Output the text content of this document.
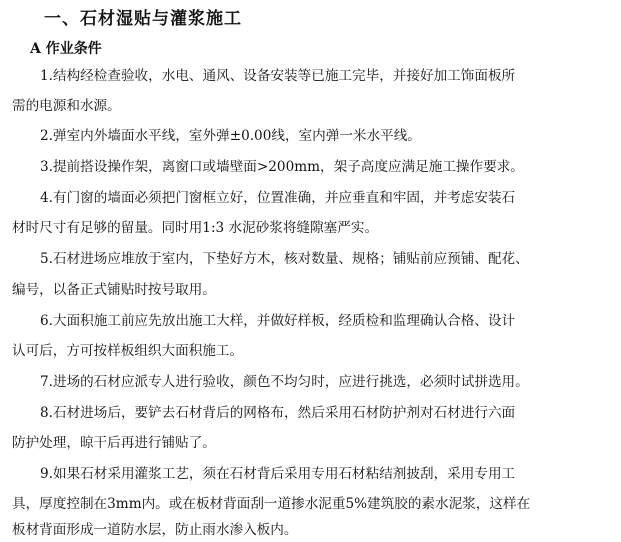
一、石材湿贴与灌浆施工
A 作业条件
1.结构经检查验收，水电、通风、设备安装等已施工完毕，并接好加工饰面板所
需的电源和水源。
2.弹室内外墙面水平线，室外弹±0.00线，室内弹一米水平线。
3.提前搭设操作架，离窗口或墙壁面>200mm，架子高度应满足施工操作要求。
4.有门窗的墙面必须把门窗框立好，位置准确，并应垂直和牢固，并考虑安装石
材时尺寸有足够的留量。同时用1:3 水泥砂浆将缝隙塞严实。
5.石材进场应堆放于室内，下垫好方木，核对数量、规格；铺贴前应预铺、配花、
编号，以备正式铺贴时按号取用。
6.大面积施工前应先放出施工大样，并做好样板，经质检和监理确认合格、设计
认可后，方可按样板组织大面积施工。
7.进场的石材应派专人进行验收，颜色不均匀时，应进行挑选，必须时试拼选用。
8.石材进场后，要铲去石材背后的网格布，然后采用石材防护剂对石材进行六面
防护处理，晾干后再进行铺贴了。
9.如果石材采用灌浆工艺，须在石材背后采用专用石材粘结剂披刮，采用专用工
具，厚度控制在3mm内。或在板材背面刮一道掺水泥重5%建筑胶的素水泥浆，这样在
板材背面形成一道防水层，防止雨水渗入板内。
